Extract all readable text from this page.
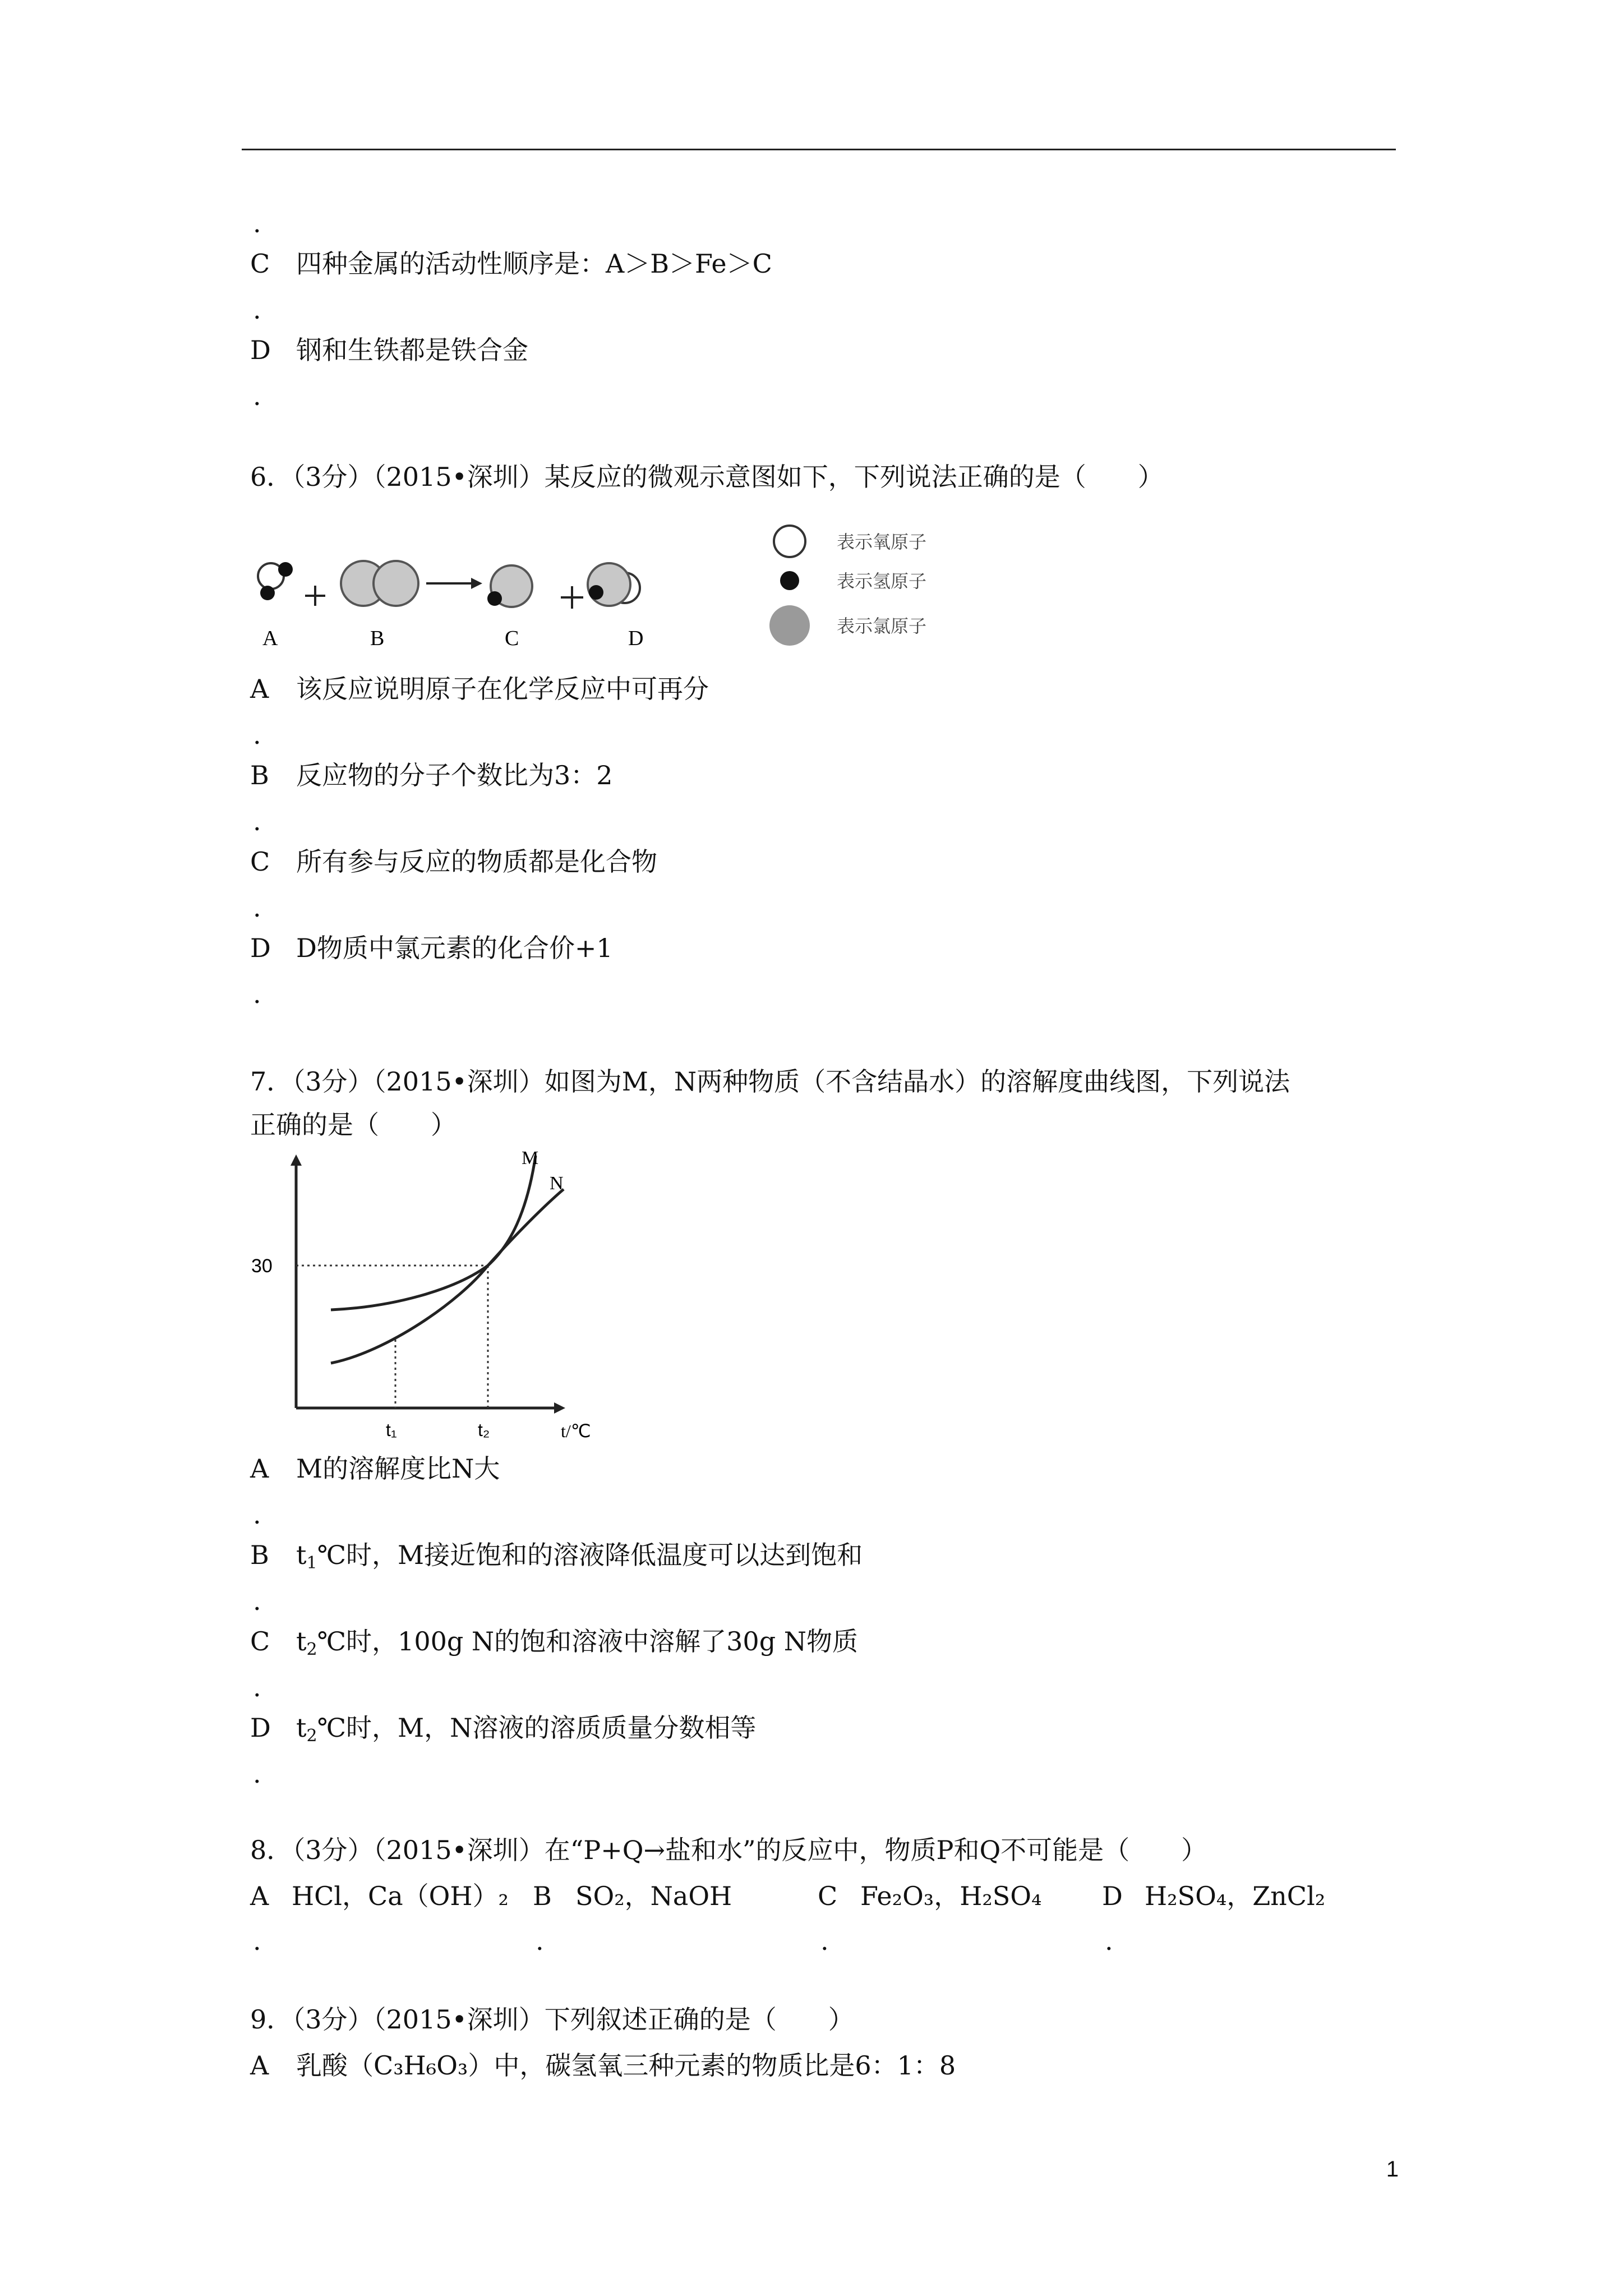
.
C 四种金属的活动性顺序是：A＞B＞Fe＞C
.
D 钢和生铁都是铁合金
.
6．（3分）（2015•深圳）某反应的微观示意图如下，下列说法正确的是（　　）
A	B	C	D
表示氧原子
表示氢原子
表示氯原子
A 该反应说明原子在化学反应中可再分
.
B 反应物的分子个数比为3：2
.
C 所有参与反应的物质都是化合物
.
D D物质中氯元素的化合价+1
.
7．（3分）（2015•深圳）如图为M，N两种物质（不含结晶水）的溶解度曲线图，下列说法
正确的是（　　）
M
N
30
t₁	t₂	t/℃
A M的溶解度比N大
.
B $t_1℃$时，M接近饱和的溶液降低温度可以达到饱和
.
C $t_2℃$时，100g N的饱和溶液中溶解了30g N物质
.
D $t_2℃$时，M，N溶液的溶质质量分数相等
.
8．（3分）（2015•深圳）在“P+Q→盐和水”的反应中，物质P和Q不可能是（　　）
A HCl，Ca（OH）₂
.
B SO₂，NaOH
.
C Fe₂O₃，H₂SO₄
.
D H₂SO₄，ZnCl₂
.
9．（3分）（2015•深圳）下列叙述正确的是（　　）
A 乳酸（C₃H₆O₃）中，碳氢氧三种元素的物质比是6：1：8
1
